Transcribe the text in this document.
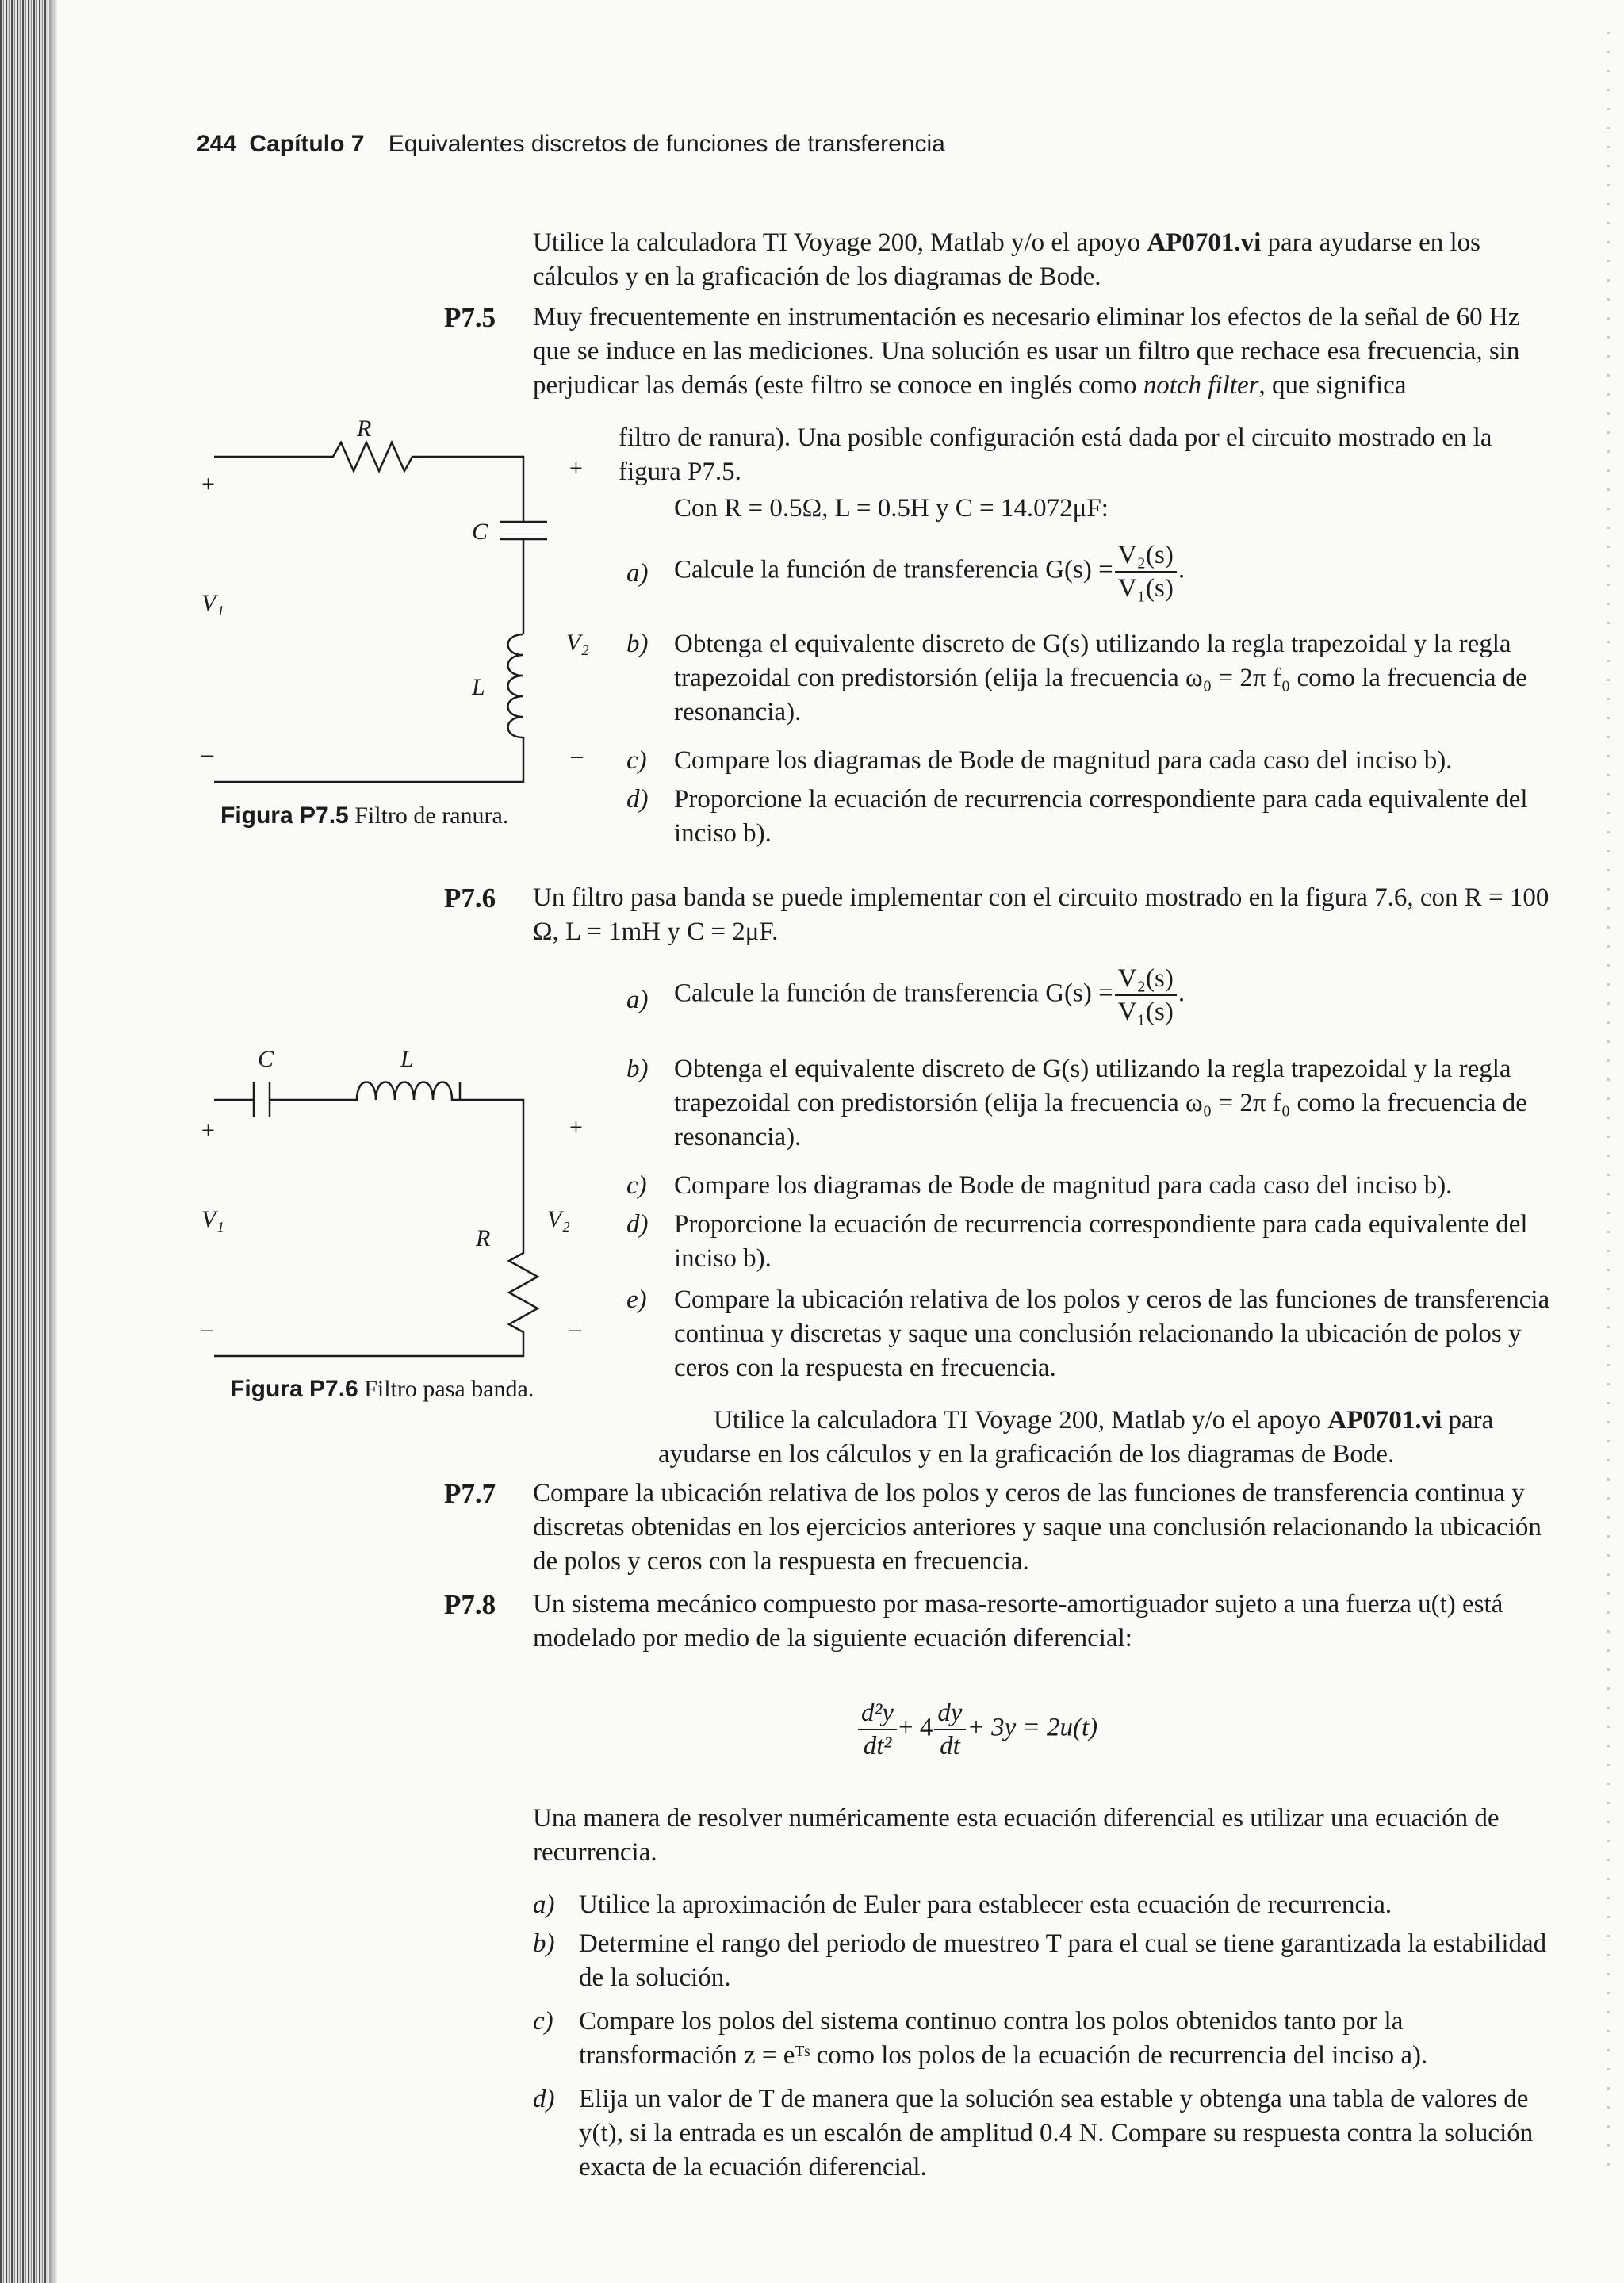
244 Capítulo 7 Equivalentes discretos de funciones de transferencia
Utilice la calculadora TI Voyage 200, Matlab y/o el apoyo AP0701.vi para ayudarse en los cálculos y en la graficación de los diagramas de Bode.
P7.5 Muy frecuentemente en instrumentación es necesario eliminar los efectos de la señal de 60 Hz que se induce en las mediciones. Una solución es usar un filtro que rechace esa frecuencia, sin perjudicar las demás (este filtro se conoce en inglés como notch filter, que significa
filtro de ranura). Una posible configuración está dada por el circuito mostrado en la figura P7.5.
Con R = 0.5Ω, L = 0.5H y C = 14.072μF:
a) Calcule la función de transferencia $G(s) = \frac{\text{V₂(s)}}{\text{V₁(s)}}$ .
b) Obtenga el equivalente discreto de G(s) utilizando la regla trapezoidal y la regla trapezoidal con predistorsión (elija la frecuencia ω₀ = 2π f₀ como la frecuencia de resonancia).
c) Compare los diagramas de Bode de magnitud para cada caso del inciso b).
d) Proporcione la ecuación de recurrencia correspondiente para cada equivalente del inciso b).
R
C
L
+
+
V₁
V₂
–	–
Figura P7.5 Filtro de ranura.
P7.6 Un filtro pasa banda se puede implementar con el circuito mostrado en la figura 7.6, con R = 100 Ω, L = 1mH y C = 2μF.
a) Calcule la función de transferencia $G(s) = \frac{\text{V₂(s)}}{\text{V₁(s)}}$ .
b) Obtenga el equivalente discreto de G(s) utilizando la regla trapezoidal y la regla trapezoidal con predistorsión (elija la frecuencia ω₀ = 2π f₀ como la frecuencia de resonancia).
c) Compare los diagramas de Bode de magnitud para cada caso del inciso b).
d) Proporcione la ecuación de recurrencia correspondiente para cada equivalente del inciso b).
e) Compare la ubicación relativa de los polos y ceros de las funciones de transferencia continua y discretas y saque una conclusión relacionando la ubicación de polos y ceros con la respuesta en frecuencia.
Utilice la calculadora TI Voyage 200, Matlab y/o el apoyo AP0701.vi para ayudarse en los cálculos y en la graficación de los diagramas de Bode.
C	L
+	+
V₁
R
V₂
–	–
Figura P7.6 Filtro pasa banda.
P7.7 Compare la ubicación relativa de los polos y ceros de las funciones de transferencia continua y discretas obtenidas en los ejercicios anteriores y saque una conclusión relacionando la ubicación de polos y ceros con la respuesta en frecuencia.
P7.8 Un sistema mecánico compuesto por masa-resorte-amortiguador sujeto a una fuerza u(t) está modelado por medio de la siguiente ecuación diferencial:
$\frac{\text{d²y}}{\text{dt²}} + 4 \frac{dy}{dt} + 3y = 2u(t)$
Una manera de resolver numéricamente esta ecuación diferencial es utilizar una ecuación de recurrencia.
a) Utilice la aproximación de Euler para establecer esta ecuación de recurrencia.
b) Determine el rango del periodo de muestreo T para el cual se tiene garantizada la estabilidad de la solución.
c) Compare los polos del sistema continuo contra los polos obtenidos tanto por la transformación z = eᵀˢ como los polos de la ecuación de recurrencia del inciso a).
d) Elija un valor de T de manera que la solución sea estable y obtenga una tabla de valores de y(t), si la entrada es un escalón de amplitud 0.4 N. Compare su respuesta contra la solución exacta de la ecuación diferencial.
